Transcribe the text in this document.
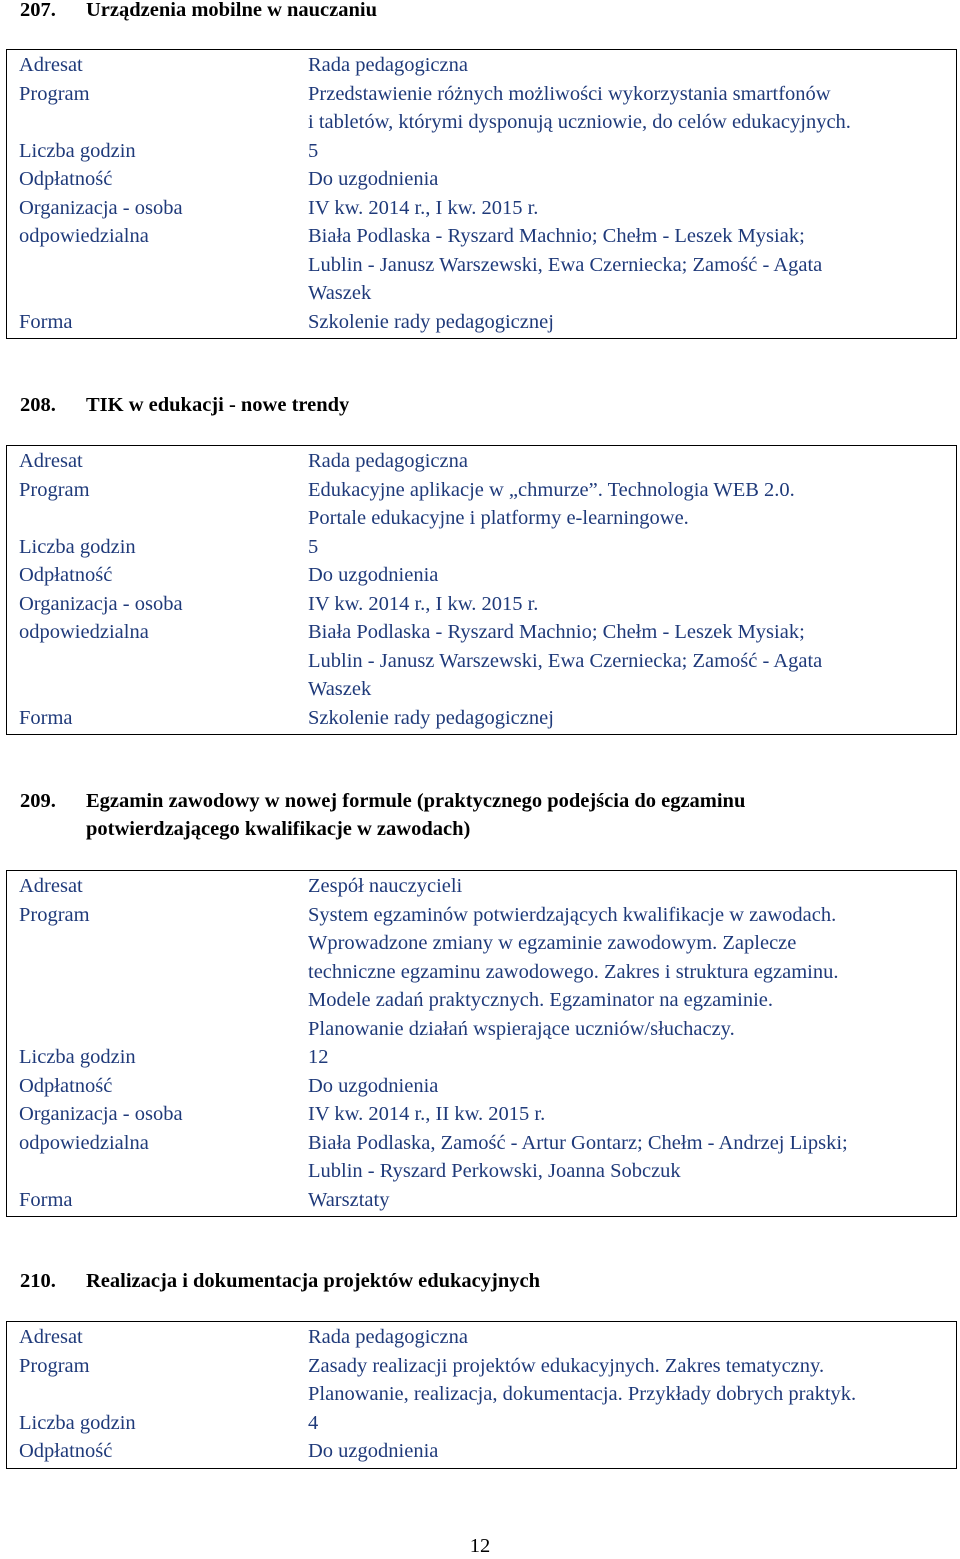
207.	Urządzenia mobilne w nauczaniu
Adresat	Rada pedagogiczna

Program	Przedstawienie różnych możliwości wykorzystania smartfonów
i tabletów, którymi dysponują uczniowie, do celów edukacyjnych.

Liczba godzin	5

Odpłatność	Do uzgodnienia

Organizacja - osoba
odpowiedzialna	IV kw. 2014 r., I kw. 2015 r.
Biała Podlaska - Ryszard Machnio; Chełm - Leszek Mysiak;
Lublin - Janusz Warszewski, Ewa Czerniecka; Zamość - Agata
Waszek

Forma	Szkolenie rady pedagogicznej
208.	TIK w edukacji - nowe trendy
Adresat	Rada pedagogiczna

Program	Edukacyjne aplikacje w „chmurze”. Technologia WEB 2.0.
Portale edukacyjne i platformy e-learningowe.

Liczba godzin	5

Odpłatność	Do uzgodnienia

Organizacja - osoba
odpowiedzialna	IV kw. 2014 r., I kw. 2015 r.
Biała Podlaska - Ryszard Machnio; Chełm - Leszek Mysiak;
Lublin - Janusz Warszewski, Ewa Czerniecka; Zamość - Agata
Waszek

Forma	Szkolenie rady pedagogicznej
209.	Egzamin zawodowy w nowej formule (praktycznego podejścia do egzaminu
potwierdzającego kwalifikacje w zawodach)
Adresat	Zespół nauczycieli

Program	System egzaminów potwierdzających kwalifikacje w zawodach.
Wprowadzone zmiany w egzaminie zawodowym. Zaplecze
techniczne egzaminu zawodowego. Zakres i struktura egzaminu.
Modele zadań praktycznych. Egzaminator na egzaminie.
Planowanie działań wspierające uczniów/słuchaczy.

Liczba godzin	12

Odpłatność	Do uzgodnienia

Organizacja - osoba
odpowiedzialna	IV kw. 2014 r., II kw. 2015 r.
Biała Podlaska, Zamość - Artur Gontarz; Chełm - Andrzej Lipski;
Lublin - Ryszard Perkowski, Joanna Sobczuk

Forma	Warsztaty
210.	Realizacja i dokumentacja projektów edukacyjnych
Adresat	Rada pedagogiczna

Program	Zasady realizacji projektów edukacyjnych. Zakres tematyczny.
Planowanie, realizacja, dokumentacja. Przykłady dobrych praktyk.

Liczba godzin	4

Odpłatność	Do uzgodnienia
12
